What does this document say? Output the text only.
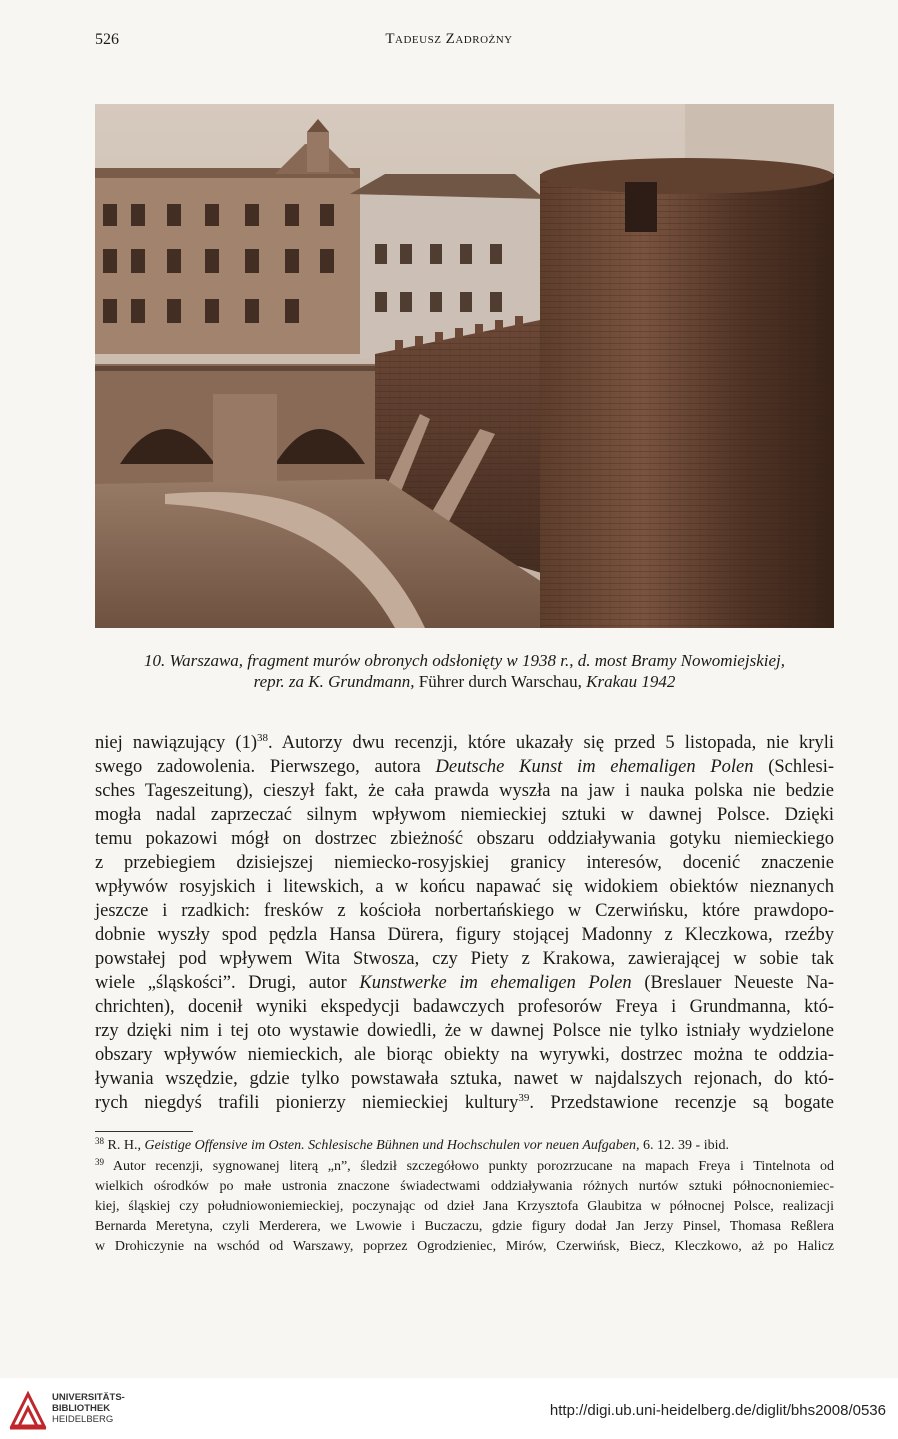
526	Tadeusz Zadrożny
10. Warszawa, fragment murów obronych odsłonięty w 1938 r., d. most Bramy Nowomiejskiej,
repr. za K. Grundmann, Führer durch Warschau, Krakau 1942
niej nawiązujący $(1)^{38}$. Autorzy dwu recenzji, które ukazały się przed 5 listopada, nie kryli
swego zadowolenia. Pierwszego, autora Deutsche Kunst im ehemaligen Polen (Schlesi-
sches Tageszeitung), cieszył fakt, że cała prawda wyszła na jaw i nauka polska nie bedzie
mogła nadal zaprzeczać silnym wpływom niemieckiej sztuki w dawnej Polsce. Dzięki
temu pokazowi mógł on dostrzec zbieżność obszaru oddziaływania gotyku niemieckiego
z przebiegiem dzisiejszej niemiecko-rosyjskiej granicy interesów, docenić znaczenie
wpływów rosyjskich i litewskich, a w końcu napawać się widokiem obiektów nieznanych
jeszcze i rzadkich: fresków z kościoła norbertańskiego w Czerwińsku, które prawdopo-
dobnie wyszły spod pędzla Hansa Dürera, figury stojącej Madonny z Kleczkowa, rzeźby
powstałej pod wpływem Wita Stwosza, czy Piety z Krakowa, zawierającej w sobie tak
wiele „śląskości”. Drugi, autor Kunstwerke im ehemaligen Polen (Breslauer Neueste Na-
chrichten), docenił wyniki ekspedycji badawczych profesorów Freya i Grundmanna, któ-
rzy dzięki nim i tej oto wystawie dowiedli, że w dawnej Polsce nie tylko istniały wydzielone
obszary wpływów niemieckich, ale biorąc obiekty na wyrywki, dostrzec można te oddzia-
ływania wszędzie, gdzie tylko powstawała sztuka, nawet w najdalszych rejonach, do któ-
rych niegdyś trafili pionierzy niemieckiej kultury$^{39}$. Przedstawione recenzje są bogate
$^{38}$ R. H., Geistige Offensive im Osten. Schlesische Bühnen und Hochschulen vor neuen Aufgaben, 6. 12. 39 - ibid.
$^{39}$ Autor recenzji, sygnowanej literą „n”, śledził szczegółowo punkty porozrzucane na mapach Freya i Tintelnota od
wielkich ośrodków po małe ustronia znaczone świadectwami oddziaływania różnych nurtów sztuki północnoniemiec-
kiej, śląskiej czy południowoniemieckiej, poczynając od dzieł Jana Krzysztofa Glaubitza w północnej Polsce, realizacji
Bernarda Meretyna, czyli Merderera, we Lwowie i Buczaczu, gdzie figury dodał Jan Jerzy Pinsel, Thomasa Reßlera
w Drohiczynie na wschód od Warszawy, poprzez Ogrodzieniec, Mirów, Czerwińsk, Biecz, Kleczkowo, aż po Halicz
UNIVERSITÄTS-
BIBLIOTHEK
HEIDELBERG
http://digi.ub.uni-heidelberg.de/diglit/bhs2008/0536
